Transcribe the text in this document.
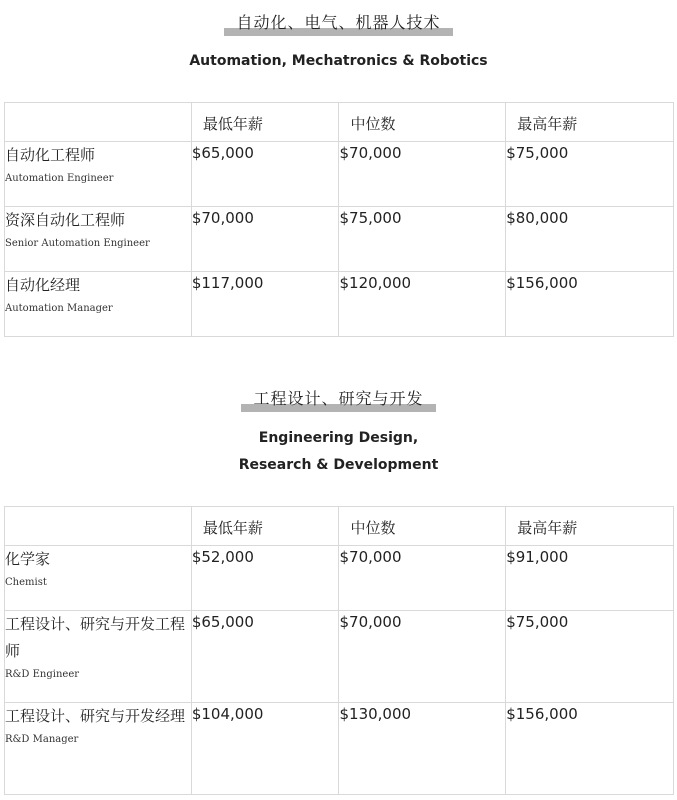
自动化、电气、机器人技术
Automation, Mechatronics & Robotics
	最低年薪	中位数	最高年薪

自动化工程师
Automation Engineer	$65,000	$70,000	$75,000

资深自动化工程师
Senior Automation Engineer	$70,000	$75,000	$80,000

自动化经理
Automation Manager	$117,000	$120,000	$156,000
工程设计、研究与开发
Engineering Design,
Research & Development
	最低年薪	中位数	最高年薪

化学家
Chemist	$52,000	$70,000	$91,000

工程设计、研究与开发工程师
R&D Engineer	$65,000	$70,000	$75,000

工程设计、研究与开发经理
R&D Manager	$104,000	$130,000	$156,000
